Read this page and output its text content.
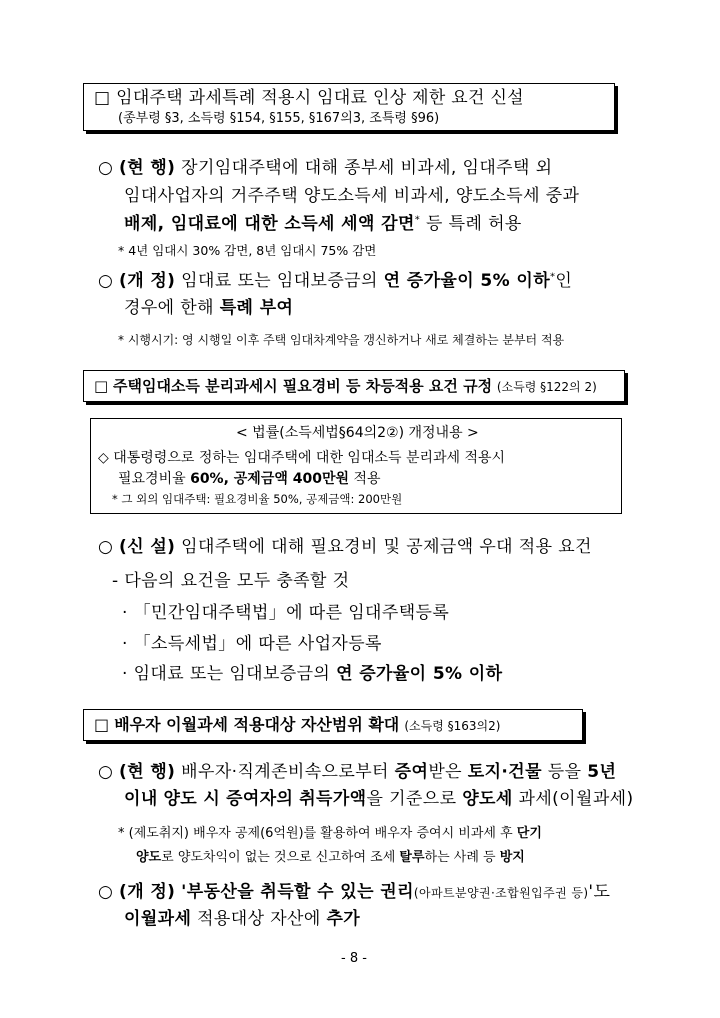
□ 임대주택 과세특례 적용시 임대료 인상 제한 요건 신설
(종부령 §3, 소득령 §154, §155, §167의3, 조특령 §96)
○ (현 행) 장기임대주택에 대해 종부세 비과세, 임대주택 외
임대사업자의 거주주택 양도소득세 비과세, 양도소득세 중과
배제, 임대료에 대한 소득세 세액 감면* 등 특례 허용
* 4년 임대시 30% 감면, 8년 임대시 75% 감면
○ (개 정) 임대료 또는 임대보증금의 연 증가율이 5% 이하*인
경우에 한해 특례 부여
* 시행시기: 영 시행일 이후 주택 임대차계약을 갱신하거나 새로 체결하는 분부터 적용
□ 주택임대소득 분리과세시 필요경비 등 차등적용 요건 규정 (소득령 §122의 2)
< 법률(소득세법§64의2②) 개정내용 >
◇ 대통령령으로 정하는 임대주택에 대한 임대소득 분리과세 적용시
필요경비율 60%, 공제금액 400만원 적용
* 그 외의 임대주택: 필요경비율 50%, 공제금액: 200만원
○ (신 설) 임대주택에 대해 필요경비 및 공제금액 우대 적용 요건
- 다음의 요건을 모두 충족할 것
· 「민간임대주택법」에 따른 임대주택등록
· 「소득세법」에 따른 사업자등록
· 임대료 또는 임대보증금의 연 증가율이 5% 이하
□ 배우자 이월과세 적용대상 자산범위 확대 (소득령 §163의2)
○ (현 행) 배우자·직계존비속으로부터 증여받은 토지·건물 등을 5년
이내 양도 시 증여자의 취득가액을 기준으로 양도세 과세(이월과세)
* (제도취지) 배우자 공제(6억원)를 활용하여 배우자 증여시 비과세 후 단기
양도로 양도차익이 없는 것으로 신고하여 조세 탈루하는 사례 등 방지
○ (개 정) '부동산을 취득할 수 있는 권리(아파트분양권·조합원입주권 등)'도
이월과세 적용대상 자산에 추가
- 8 -
